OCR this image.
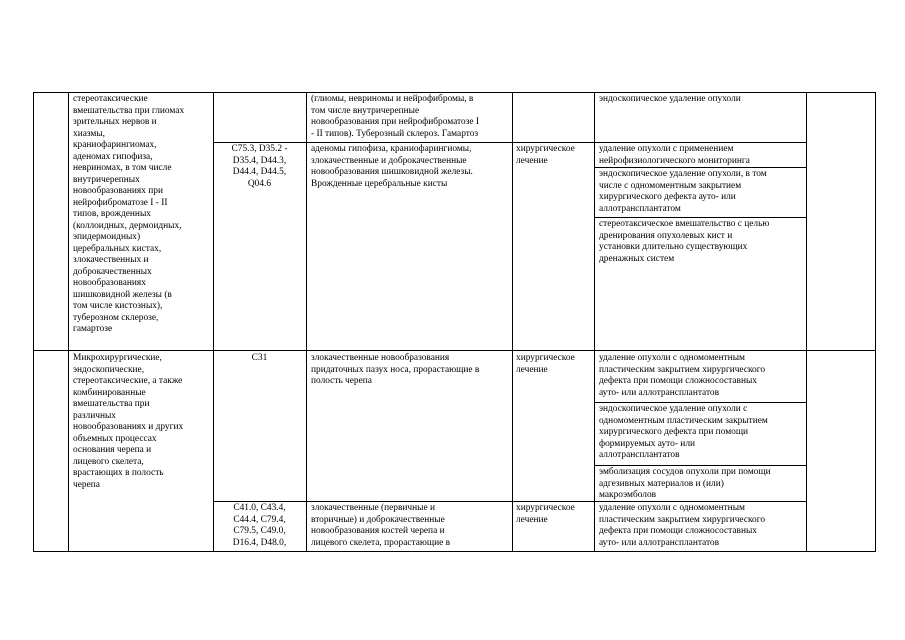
стереотаксические
вмешательства при глиомах
зрительных нервов и
хиазмы,
краниофарингиомах,
аденомах гипофиза,
невриномах, в том числе
внутричерепных
новообразованиях при
нейрофиброматозе I - II
типов, врожденных
(коллоидных, дермоидных,
эпидермоидных)
церебральных кистах,
злокачественных и
доброкачественных
новообразованиях
шишковидной железы (в
том числе кистозных),
туберозном склерозе,
гамартозе
(глиомы, невриномы и нейрофибромы, в
том числе внутричерепные
новообразования при нейрофиброматозе I
- II типов). Туберозный склероз. Гамартоз
эндоскопическое удаление опухоли
C75.3, D35.2 -
D35.4, D44.3,
D44.4, D44.5,
Q04.6
аденомы гипофиза, краниофарингиомы,
злокачественные и доброкачественные
новообразования шишковидной железы.
Врожденные церебральные кисты
хирургическое
лечение
удаление опухоли с применением
нейрофизиологического мониторинга
эндоскопическое удаление опухоли, в том
числе с одномоментным закрытием
хирургического дефекта ауто- или
аллотрансплантатом
стереотаксическое вмешательство с целью
дренирования опухолевых кист и
установки длительно существующих
дренажных систем
Микрохирургические,
эндоскопические,
стереотаксические, а также
комбинированные
вмешательства при
различных
новообразованиях и других
объемных процессах
основания черепа и
лицевого скелета,
врастающих в полость
черепа
C31	злокачественные новообразования
придаточных пазух носа, прорастающие в
полость черепа
хирургическое
лечение
удаление опухоли с одномоментным
пластическим закрытием хирургического
дефекта при помощи сложносоставных
ауто- или аллотрансплантатов
эндоскопическое удаление опухоли с
одномоментным пластическим закрытием
хирургического дефекта при помощи
формируемых ауто- или
аллотрансплантатов
эмболизация сосудов опухоли при помощи
адгезивных материалов и (или)
макроэмболов
C41.0, C43.4,
C44.4, C79.4,
C79.5, C49.0,
D16.4, D48.0,
злокачественные (первичные и
вторичные) и доброкачественные
новообразования костей черепа и
лицевого скелета, прорастающие в
хирургическое
лечение
удаление опухоли с одномоментным
пластическим закрытием хирургического
дефекта при помощи сложносоставных
ауто- или аллотрансплантатов
